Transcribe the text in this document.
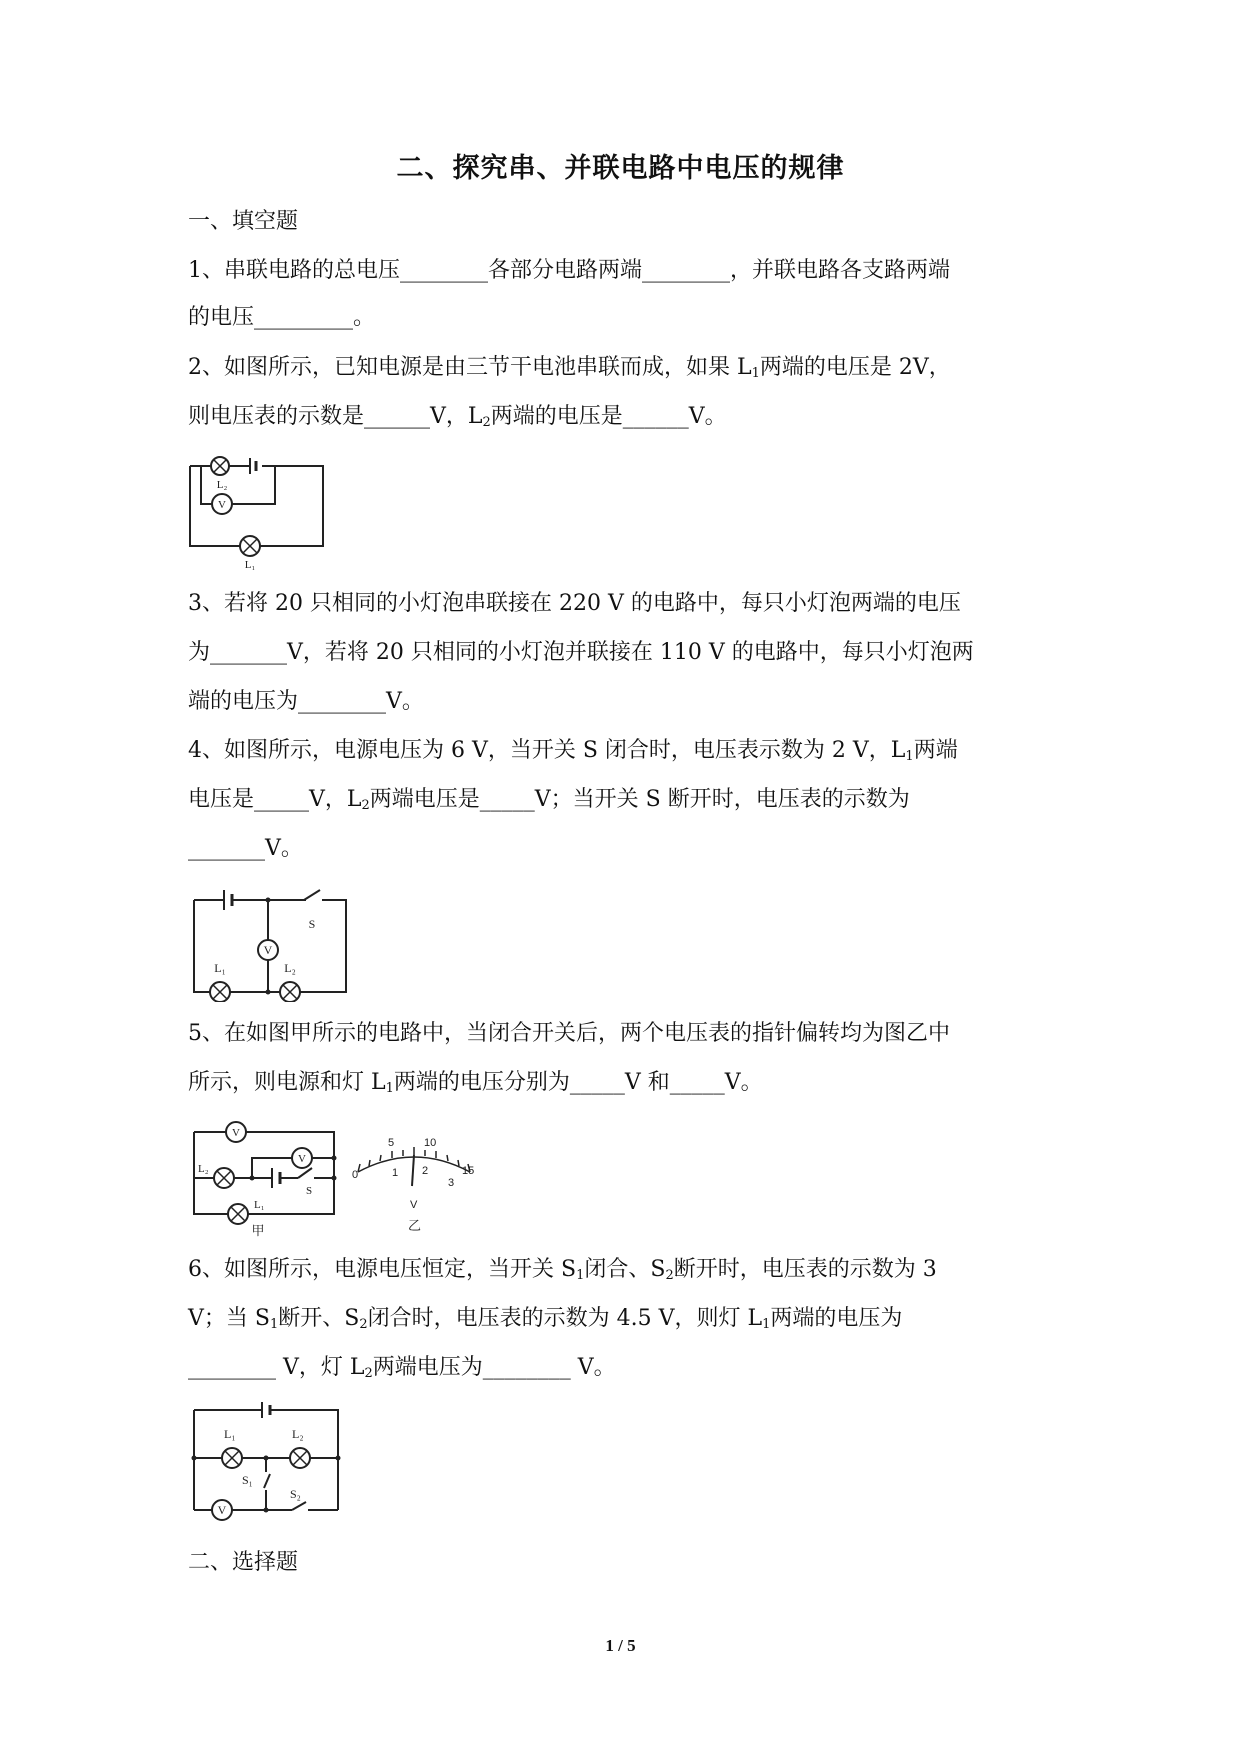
二、探究串、并联电路中电压的规律
一、填空题
1、串联电路的总电压________各部分电路两端________，并联电路各支路两端
的电压_________。
2、如图所示，已知电源是由三节干电池串联而成，如果 $L_1$两端的电压是 2V，
则电压表的示数是______V，$L_2$两端的电压是______V。
V
L₂
L₁
3、若将 20 只相同的小灯泡串联接在 220 V 的电路中，每只小灯泡两端的电压
为_______V，若将 20 只相同的小灯泡并联接在 110 V 的电路中，每只小灯泡两
端的电压为________V。
4、如图所示，电源电压为 6 V，当开关 S 闭合时，电压表示数为 2 V，$L_1$两端
电压是_____V，$L_2$两端电压是_____V；当开关 S 断开时，电压表的示数为
_______V。
V
S
L₁	L₂
5、在如图甲所示的电路中，当闭合开关后，两个电压表的指针偏转均为图乙中
所示，则电源和灯 $L_1$两端的电压分别为_____V 和_____V。
V
V
L₂
S
L₁
甲
0	15
5	10
1 2
3
V
乙
6、如图所示，电源电压恒定，当开关 $S_1$闭合、$S_2$断开时，电压表的示数为 3
V；当 $S_1$断开、$S_2$闭合时，电压表的示数为 4.5 V，则灯 $L_1$两端的电压为
________ V，灯 $L_2$两端电压为________ V。
L₁	L₂
S₁
S₂
V
二、选择题
1 / 5
